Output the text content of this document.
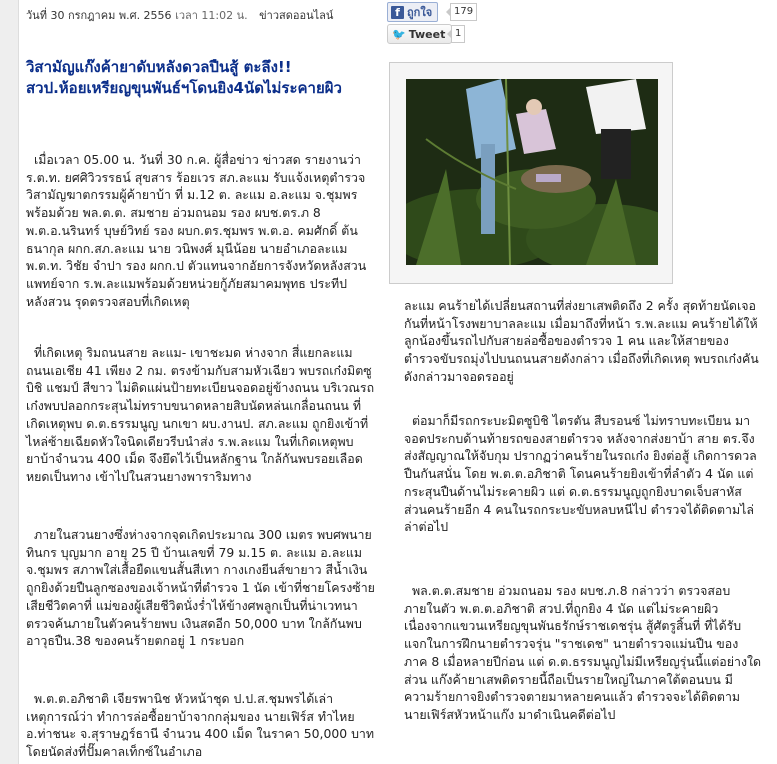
วันที่ 30 กรกฎาคม พ.ศ. 2556 เวลา 11:02 น. ข่าวสดออนไลน์	f ถูกใจ	179
🐦 Tweet 1
วิสามัญแก๊งค้ายาดับหลังดวลปืนสู้ ตะลึง!! สวป.ห้อยเหรียญขุนพันธ์ฯโดนยิง4นัดไม่ระคายผิว

เมื่อเวลา 05.00 น. วันที่ 30 ก.ค. ผู้สื่อข่าว ข่าวสด รายงานว่า ร.ต.ท. ยศศิวิวรรธน์ สุขสาร ร้อยเวร สภ.ละแม รับแจ้งเหตุตำรวจวิสามัญฆาตกรรมผู้ค้ายาบ้า ที่ ม.12 ต. ละแม อ.ละแม จ.ชุมพร พร้อมด้วย พล.ต.ต. สมชาย อ่วมถนอม รอง ผบช.ตร.ภ 8 พ.ต.อ.นรินทร์ บุษย์วิทย์ รอง ผบก.ตร.ชุมพร พ.ต.อ. คมศักดิ์ ต้นธนากุล ผกก.สภ.ละแม นาย วนิพงศ์ มุนีน้อย นายอำเภอละแม พ.ต.ท. วิชัย จำปา รอง ผกก.ป ตัวแทนจากอัยการจังหวัดหลังสวน แพทย์จาก ร.พ.ละแมพร้อมด้วยหน่วยกู้ภัยสมาคมพุทธ ประทีปหลังสวน รุดตรวจสอบที่เกิดเหตุ

ที่เกิดเหตุ ริมถนนสาย ละแม- เขาชะมด ห่างจาก สี่แยกละแม ถนนเอเชีย 41 เพียง 2 กม. ตรงข้ามกับสามหัวเฉียว พบรถเก๋งมิตซูบิชิ แชมป์ สีขาว ไม่ติดแผ่นป้ายทะเบียนจอดอยู่ข้างถนน บริเวณรถเก๋งพบปลอกกระสุนไม่ทราบขนาดหลายสิบนัดหล่นเกลื่อนถนน ที่เกิดเหตุพบ ด.ต.ธรรมนูญ นกเขา ผบ.งานป. สภ.ละแม ถูกยิงเข้าที่ไหล่ซ้ายเฉียดหัวใจนิดเดียวรีบนำส่ง ร.พ.ละแม ในที่เกิดเหตุพบยาบ้าจำนวน 400 เม็ด จึงยึดไว้เป็นหลักฐาน ใกล้กันพบรอยเลือดหยดเป็นทาง เข้าไปในสวนยางพาราริมทาง

ภายในสวนยางซึ่งห่างจากจุดเกิดประมาณ 300 เมตร พบศพนายทินกร บุญมาก อายุ 25 ปี บ้านเลขที่ 79 ม.15 ต. ละแม อ.ละแม จ.ชุมพร สภาพใส่เสื้อยืดแขนสั้นสีเทา กางเกงยีนส์ขายาว สีน้ำเงิน ถูกยิงด้วยปืนลูกซองของเจ้าหน้าที่ตำรวจ 1 นัด เข้าที่ชายโครงซ้าย เสียชีวิตคาที่ แม่ของผู้เสียชีวิตนั่งร่ำไห้ข้างศพลูกเป็นที่น่าเวทนา ตรวจค้นภายในตัวคนร้ายพบ เงินสดอีก 50,000 บาท ใกล้กันพบอาวุธปืน.38 ของคนร้ายตกอยู่ 1 กระบอก

พ.ต.ต.อภิชาติ เจียรพานิช หัวหน้าชุด ป.ป.ส.ชุมพรได้เล่าเหตุการณ์ว่า ทำการล่อซื้อยาบ้าจากกลุ่มของ นายเฟิร์ส ทำไหย อ.ท่าชนะ จ.สุราษฎร์ธานี จำนวน 400 เม็ด ในราคา 50,000 บาท โดยนัดส่งที่ปั๊มคาลเท็กซ์ในอำเภอ

ละแม คนร้ายได้เปลี่ยนสถานที่ส่งยาเสพติดถึง 2 ครั้ง สุดท้ายนัดเจอกันที่หน้าโรงพยาบาลละแม เมื่อมาถึงที่หน้า ร.พ.ละแม คนร้ายได้ให้ลูกน้องขึ้นรถไปกับสายล่อซื้อของตำรวจ 1 คน และให้สายของตำรวจขับรถมุ่งไปบนถนนสายดังกล่าว เมื่อถึงที่เกิดเหตุ พบรถเก๋งคันดังกล่าวมาจอดรออยู่

ต่อมาก็มีรถกระบะมิตซูบิชิ ไตรตัน สีบรอนซ์ ไม่ทราบทะเบียน มาจอดประกบด้านท้ายรถของสายตำรวจ หลังจากส่งยาบ้า สาย ตร.จึงส่งสัญญาณให้จับกุม ปรากฏว่าคนร้ายในรถเก๋ง ยิงต่อสู้ เกิดการดวลปืนกันสนั่น โดย พ.ต.ต.อภิชาติ โดนคนร้ายยิงเข้าที่ลำตัว 4 นัด แต่กระสุนปืนด้านไม่ระคายผิว แต่ ด.ต.ธรรมนูญถูกยิงบาดเจ็บสาหัส ส่วนคนร้ายอีก 4 คนในรถกระบะขับหลบหนีไป ตำรวจได้ติดตามไล่ล่าต่อไป

พล.ต.ต.สมชาย อ่วมถนอม รอง ผบช.ภ.8 กล่าวว่า ตรวจสอบภายในตัว พ.ต.ต.อภิชาติ สวป.ที่ถูกยิง 4 นัด แต่ไม่ระคายผิวเนื่องจากแขวนเหรียญขุนพันธรักษ์ราชเดชรุ่น สู้ศัตรูสิ้นที่ ที่ได้รับแจกในการฝึกนายตำรวจรุ่น "ราชเดช" นายตำรวจแม่นปืน ของ ภาค 8 เมื่อหลายปีก่อน แต่ ด.ต.ธรรมนูญไม่มีเหรียญรุ่นนี้แต่อย่างใด ส่วน แก๊งค้ายาเสพติดรายนี้ถือเป็นรายใหญ่ในภาคใต้ตอนบน มีความร้ายกาจยิงตำรวจตายมาหลายคนแล้ว ตำรวจจะได้ติดตาม นายเฟิร์สหัวหน้าแก๊ง มาดำเนินคดีต่อไป
